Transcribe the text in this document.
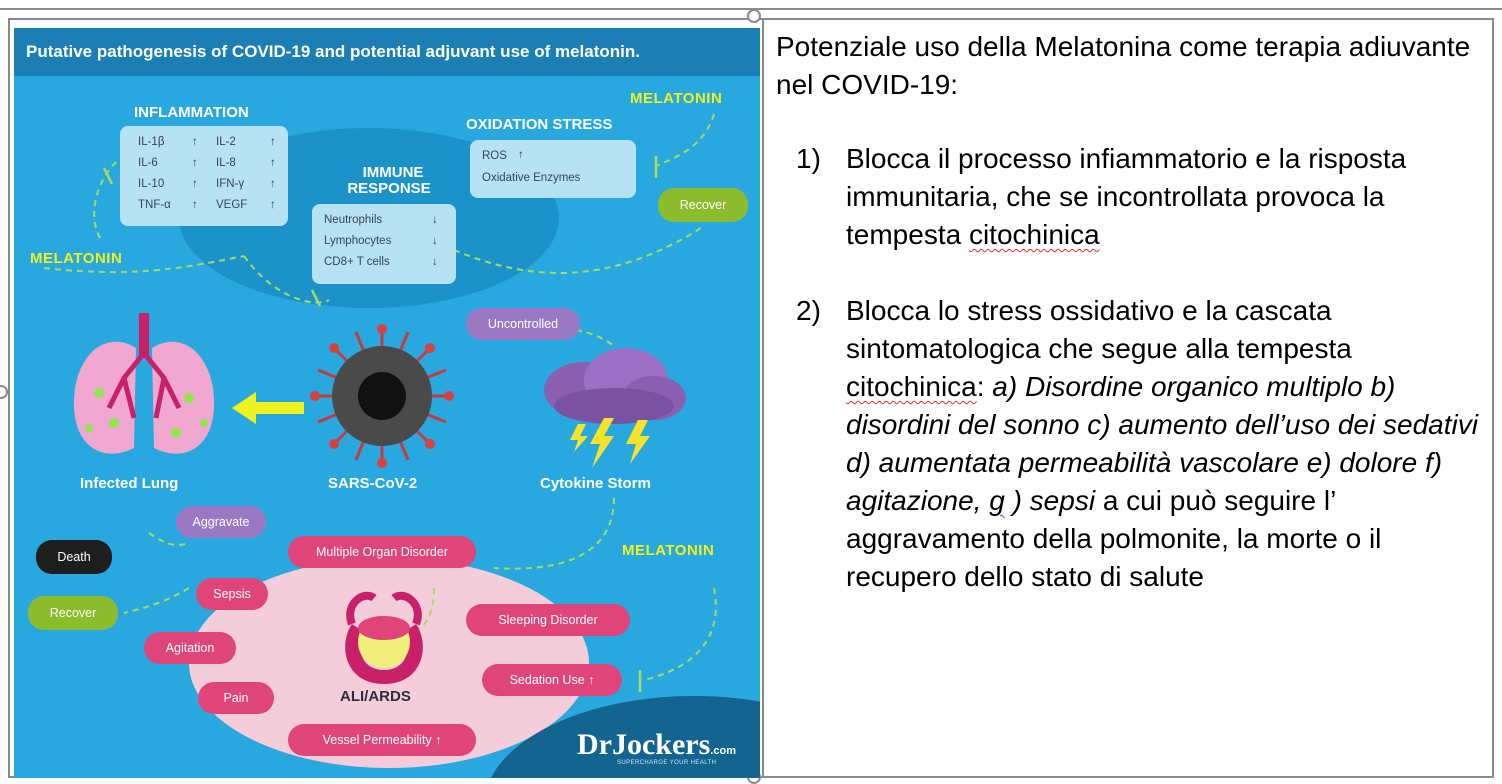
Putative pathogenesis of COVID-19 and potential adjuvant use of melatonin.
MELATONIN
MELATONIN
MELATONIN
INFLAMMATION
IL-1β
IL-6
IL-10
TNF-α
↑
↑
↑
↑
IL-2
IL-8
IFN-γ
VEGF
↑
↑
↑
↑
OXIDATION STRESS
ROS ↑
Oxidative Enzymes
IMMUNE
RESPONSE
Neutrophils
Lymphocytes
CD8+ T cells
↓
↓
↓
Recover
Uncontrolled
Infected Lung	SARS-CoV-2	Cytokine Storm
Aggravate
Death
Recover
Multiple Organ Disorder
Sepsis
Agitation
Pain
Sleeping Disorder
Sedation Use ↑
Vessel Permeability ↑
ALI/ARDS
DrJockers.com
SUPERCHARGE YOUR HEALTH
Potenziale uso della Melatonina come terapia adiuvante nel COVID-19:
1) Blocca il processo infiammatorio e la risposta immunitaria, che se incontrollata provoca la tempesta citochinica
2) Blocca lo stress ossidativo e la cascata sintomatologica che segue alla tempesta citochinica: a) Disordine organico multiplo b) disordini del sonno c) aumento dell’uso dei sedativi d) aumentata permeabilità vascolare e) dolore f) agitazione, g ) sepsi a cui può seguire l’ aggravamento della polmonite, la morte o il recupero dello stato di salute
